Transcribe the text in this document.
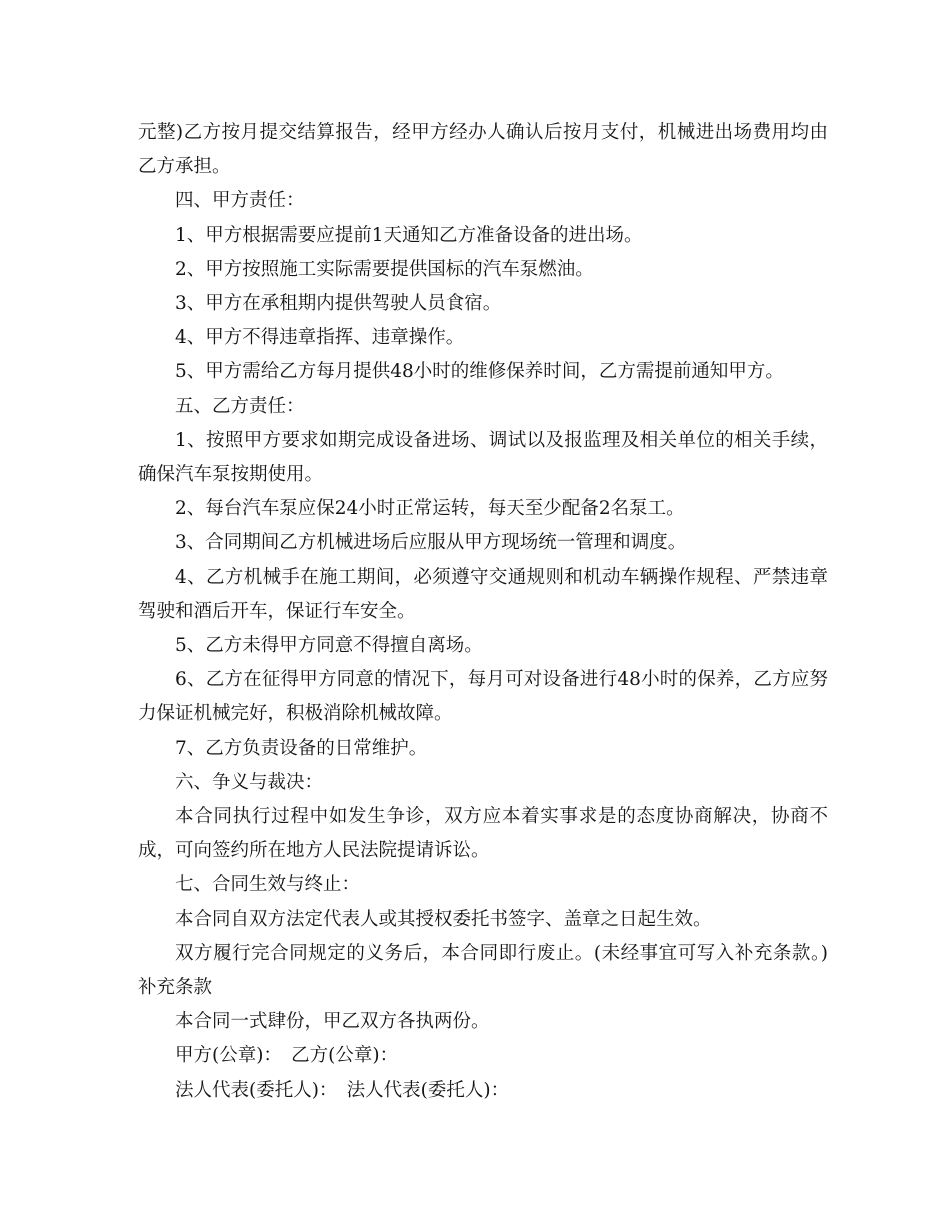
元整)乙方按月提交结算报告，经甲方经办人确认后按月支付，机械进出场费用均由乙方承担。

四、甲方责任：

1、甲方根据需要应提前1天通知乙方准备设备的进出场。

2、甲方按照施工实际需要提供国标的汽车泵燃油。

3、甲方在承租期内提供驾驶人员食宿。

4、甲方不得违章指挥、违章操作。

5、甲方需给乙方每月提供48小时的维修保养时间，乙方需提前通知甲方。

五、乙方责任：

1、按照甲方要求如期完成设备进场、调试以及报监理及相关单位的相关手续，确保汽车泵按期使用。

2、每台汽车泵应保24小时正常运转，每天至少配备2名泵工。

3、合同期间乙方机械进场后应服从甲方现场统一管理和调度。

4、乙方机械手在施工期间，必须遵守交通规则和机动车辆操作规程、严禁违章驾驶和酒后开车，保证行车安全。

5、乙方未得甲方同意不得擅自离场。

6、乙方在征得甲方同意的情况下，每月可对设备进行48小时的保养，乙方应努力保证机械完好，积极消除机械故障。

7、乙方负责设备的日常维护。

六、争义与裁决：

本合同执行过程中如发生争诊，双方应本着实事求是的态度协商解决，协商不成，可向签约所在地方人民法院提请诉讼。

七、合同生效与终止：

本合同自双方法定代表人或其授权委托书签字、盖章之日起生效。

双方履行完合同规定的义务后，本合同即行废止。(未经事宜可写入补充条款。) 补充条款

本合同一式肆份，甲乙双方各执两份。

甲方(公章)：　乙方(公章)：

法人代表(委托人)：　法人代表(委托人)：
